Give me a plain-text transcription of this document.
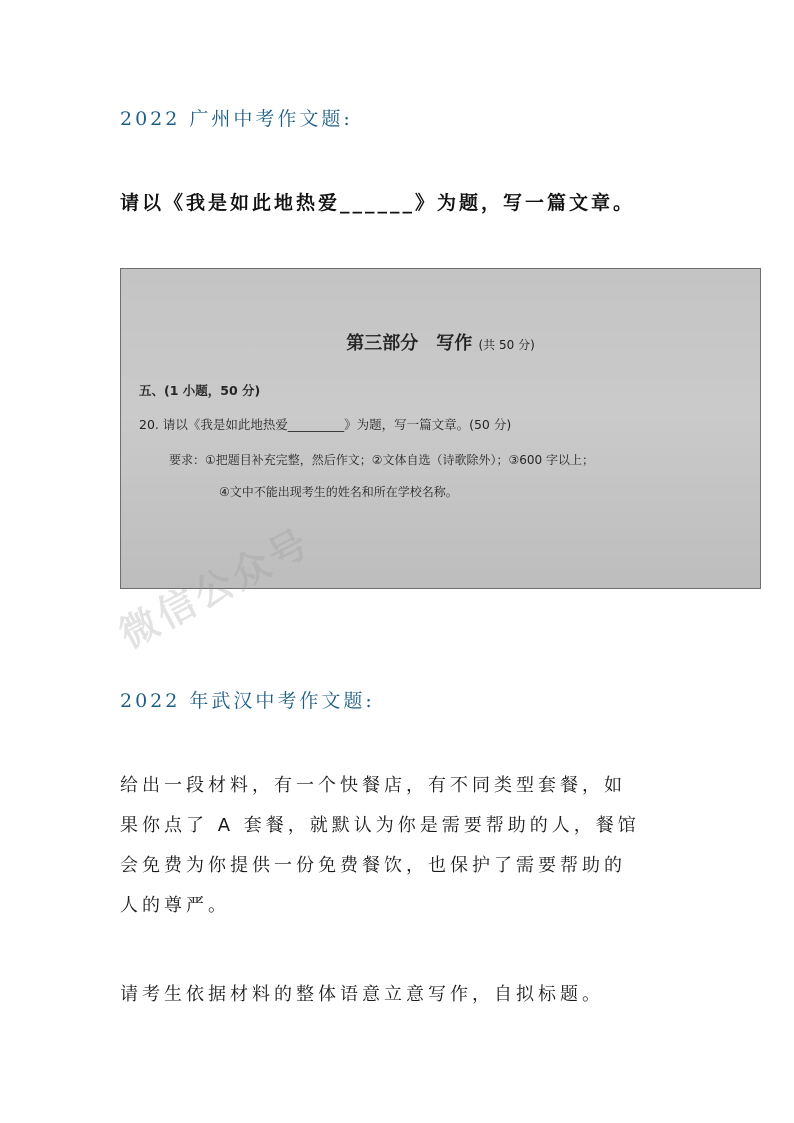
2022 广州中考作文题:
请以《我是如此地热爱______》为题，写一篇文章。
第三部分　写作 (共 50 分)
五、(1 小题，50 分)
20. 请以《我是如此地热爱_________》为题，写一篇文章。(50 分)
要求：①把题目补充完整，然后作文；②文体自选（诗歌除外）；③600 字以上；
④文中不能出现考生的姓名和所在学校名称。
微信公众号
2022 年武汉中考作文题:
给出一段材料，有一个快餐店，有不同类型套餐，如
果你点了 A 套餐，就默认为你是需要帮助的人，餐馆
会免费为你提供一份免费餐饮，也保护了需要帮助的
人的尊严。
请考生依据材料的整体语意立意写作，自拟标题。
